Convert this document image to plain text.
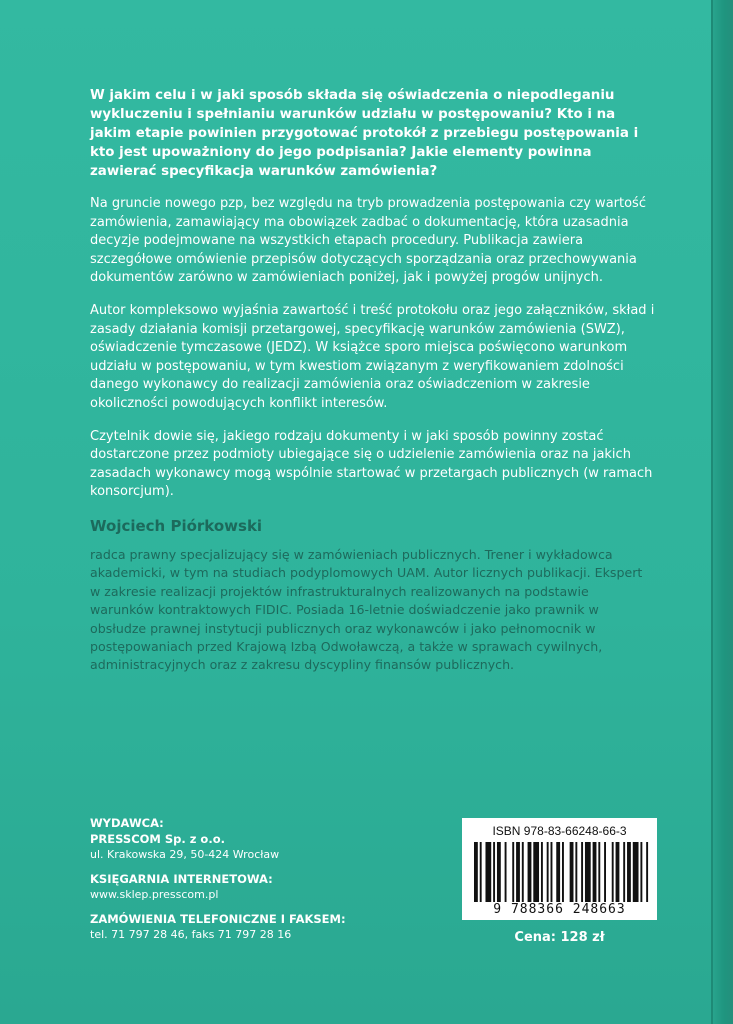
W jakim celu i w jaki sposób składa się oświadczenia o niepodleganiu wykluczeniu i spełnianiu warunków udziału w postępowaniu? Kto i na jakim etapie powinien przygotować protokół z przebiegu postępowania i kto jest upoważniony do jego podpisania? Jakie elementy powinna zawierać specyfikacja warunków zamówienia?

Na gruncie nowego pzp, bez względu na tryb prowadzenia postępowania czy wartość zamówienia, zamawiający ma obowiązek zadbać o dokumentację, która uzasadnia decyzje podejmowane na wszystkich etapach procedury. Publikacja zawiera szczegółowe omówienie przepisów dotyczących sporządzania oraz przechowywania dokumentów zarówno w zamówieniach poniżej, jak i powyżej progów unijnych.

Autor kompleksowo wyjaśnia zawartość i treść protokołu oraz jego załączników, skład i zasady działania komisji przetargowej, specyfikację warunków zamówienia (SWZ), oświadczenie tymczasowe (JEDZ). W książce sporo miejsca poświęcono warunkom udziału w postępowaniu, w tym kwestiom związanym z weryfikowaniem zdolności danego wykonawcy do realizacji zamówienia oraz oświadczeniom w zakresie okoliczności powodujących konflikt interesów.

Czytelnik dowie się, jakiego rodzaju dokumenty i w jaki sposób powinny zostać dostarczone przez podmioty ubiegające się o udzielenie zamówienia oraz na jakich zasadach wykonawcy mogą wspólnie startować w przetargach publicznych (w ramach konsorcjum).

Wojciech Piórkowski

radca prawny specjalizujący się w zamówieniach publicznych. Trener i wykładowca akademicki, w tym na studiach podyplomowych UAM. Autor licznych publikacji. Ekspert w zakresie realizacji projektów infrastrukturalnych realizowanych na podstawie warunków kontraktowych FIDIC. Posiada 16-letnie doświadczenie jako prawnik w obsłudze prawnej instytucji publicznych oraz wykonawców i jako pełnomocnik w postępowaniach przed Krajową Izbą Odwoławczą, a także w sprawach cywilnych, administracyjnych oraz z zakresu dyscypliny finansów publicznych.

WYDAWCA:
PRESSCOM Sp. z o.o.
ul. Krakowska 29, 50-424 Wrocław
KSIĘGARNIA INTERNETOWA:
www.sklep.presscom.pl
ZAMÓWIENIA TELEFONICZNE I FAKSEM:
tel. 71 797 28 46, faks 71 797 28 16
ISBN 978-83-66248-66-3
9 788366 248663
Cena: 128 zł
